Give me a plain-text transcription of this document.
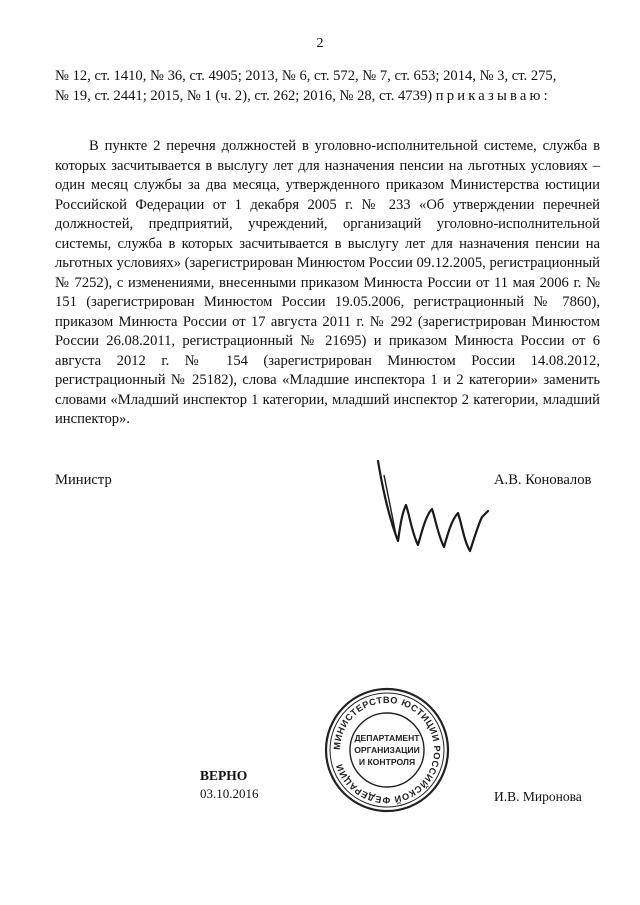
2

№ 12, ст. 1410, № 36, ст. 4905; 2013, № 6, ст. 572, № 7, ст. 653; 2014, № 3, ст. 275,

№ 19, ст. 2441; 2015, № 1 (ч. 2), ст. 262; 2016, № 28, ст. 4739) приказываю:

В пункте 2 перечня должностей в уголовно-исполнительной системе, служба в которых засчитывается в выслугу лет для назначения пенсии на льготных условиях – один месяц службы за два месяца, утвержденного приказом Министерства юстиции Российской Федерации от 1 декабря 2005 г. № 233 «Об утверждении перечней должностей, предприятий, учреждений, организаций уголовно-исполнительной системы, служба в которых засчитывается в выслугу лет для назначения пенсии на льготных условиях» (зарегистрирован Минюстом России 09.12.2005, регистрационный № 7252), с изменениями, внесенными приказом Минюста России от 11 мая 2006 г. № 151 (зарегистрирован Минюстом России 19.05.2006, регистрационный № 7860), приказом Минюста России от 17 августа 2011 г. № 292 (зарегистрирован Минюстом России 26.08.2011, регистрационный № 21695) и приказом Минюста России от 6 августа 2012 г. № 154 (зарегистрирован Минюстом России 14.08.2012, регистрационный № 25182), слова «Младшие инспектора 1 и 2 категории» заменить словами «Младший инспектор 1 категории, младший инспектор 2 категории, младший инспектор».

Министр	А.В. Коновалов
МИНИСТЕРСТВО ЮСТИЦИИ РОССИЙСКОЙ ФЕДЕРАЦИИ
ДЕПАРТАМЕНТ
ОРГАНИЗАЦИИ
И КОНТРОЛЯ
ВЕРНО
03.10.2016	И.В. Миронова
